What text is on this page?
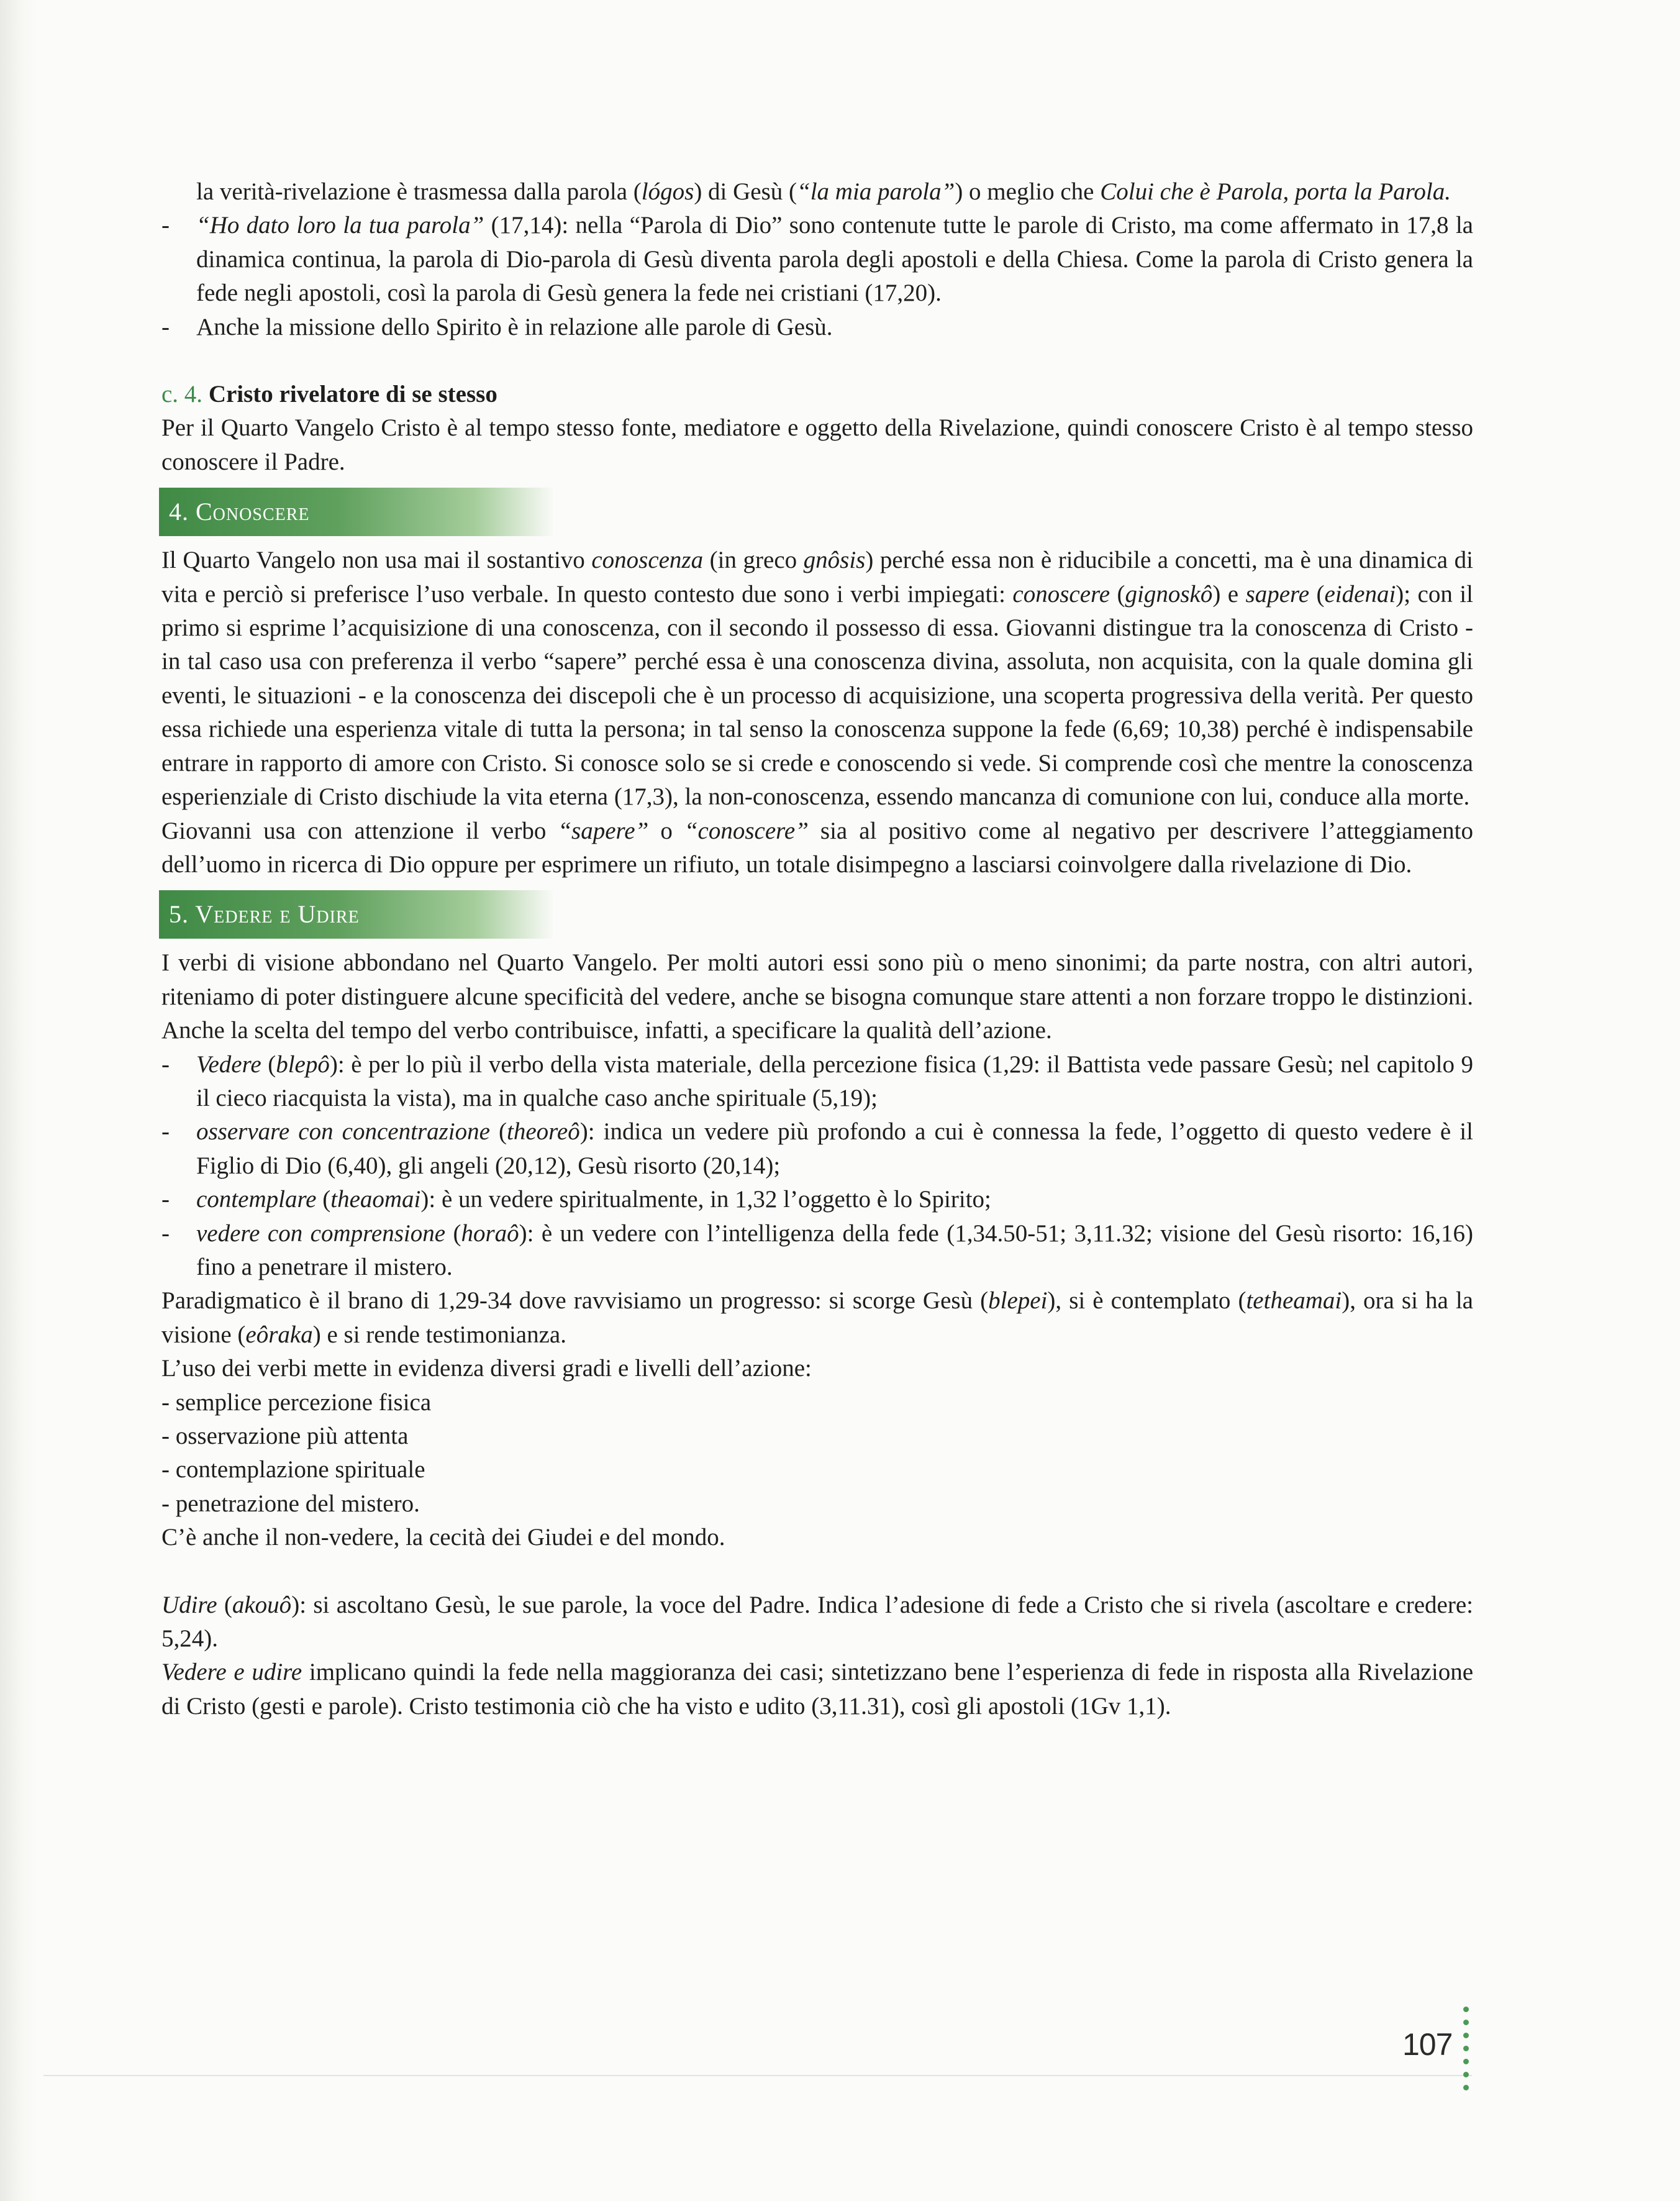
la verità-rivelazione è trasmessa dalla parola (lógos) di Gesù (“la mia parola”) o meglio che Colui che è Parola, porta la Parola.

- “Ho dato loro la tua parola” (17,14): nella “Parola di Dio” sono contenute tutte le parole di Cristo, ma come affermato in 17,8 la dinamica continua, la parola di Dio-parola di Gesù diventa parola degli apostoli e della Chiesa. Come la parola di Cristo genera la fede negli apostoli, così la parola di Gesù genera la fede nei cristiani (17,20).

- Anche la missione dello Spirito è in relazione alle parole di Gesù.

c. 4. Cristo rivelatore di se stesso

Per il Quarto Vangelo Cristo è al tempo stesso fonte, mediatore e oggetto della Rivelazione, quindi conoscere Cristo è al tempo stesso conoscere il Padre.

4. Conoscere

Il Quarto Vangelo non usa mai il sostantivo conoscenza (in greco gnôsis) perché essa non è riducibile a concetti, ma è una dinamica di vita e perciò si preferisce l’uso verbale. In questo contesto due sono i verbi impiegati: conoscere (gignoskô) e sapere (eidenai); con il primo si esprime l’acquisizione di una conoscenza, con il secondo il possesso di essa. Giovanni distingue tra la conoscenza di Cristo - in tal caso usa con preferenza il verbo “sapere” perché essa è una conoscenza divina, assoluta, non acquisita, con la quale domina gli eventi, le situazioni - e la conoscenza dei discepoli che è un processo di acquisizione, una scoperta progressiva della verità. Per questo essa richiede una esperienza vitale di tutta la persona; in tal senso la conoscenza suppone la fede (6,69; 10,38) perché è indispensabile entrare in rapporto di amore con Cristo. Si conosce solo se si crede e conoscendo si vede. Si comprende così che mentre la conoscenza esperienziale di Cristo dischiude la vita eterna (17,3), la non-conoscenza, essendo mancanza di comunione con lui, conduce alla morte.

Giovanni usa con attenzione il verbo “sapere” o “conoscere” sia al positivo come al negativo per descrivere l’atteggiamento dell’uomo in ricerca di Dio oppure per esprimere un rifiuto, un totale disimpegno a lasciarsi coinvolgere dalla rivelazione di Dio.

5. Vedere e Udire

I verbi di visione abbondano nel Quarto Vangelo. Per molti autori essi sono più o meno sinonimi; da parte nostra, con altri autori, riteniamo di poter distinguere alcune specificità del vedere, anche se bisogna comunque stare attenti a non forzare troppo le distinzioni. Anche la scelta del tempo del verbo contribuisce, infatti, a specificare la qualità dell’azione.

- Vedere (blepô): è per lo più il verbo della vista materiale, della percezione fisica (1,29: il Battista vede passare Gesù; nel capitolo 9 il cieco riacquista la vista), ma in qualche caso anche spirituale (5,19);

- osservare con concentrazione (theoreô): indica un vedere più profondo a cui è connessa la fede, l’oggetto di questo vedere è il Figlio di Dio (6,40), gli angeli (20,12), Gesù risorto (20,14);

- contemplare (theaomai): è un vedere spiritualmente, in 1,32 l’oggetto è lo Spirito;

- vedere con comprensione (horaô): è un vedere con l’intelligenza della fede (1,34.50-51; 3,11.32; visione del Gesù risorto: 16,16) fino a penetrare il mistero.

Paradigmatico è il brano di 1,29-34 dove ravvisiamo un progresso: si scorge Gesù (blepei), si è contemplato (tetheamai), ora si ha la visione (eôraka) e si rende testimonianza.

L’uso dei verbi mette in evidenza diversi gradi e livelli dell’azione:

- semplice percezione fisica

- osservazione più attenta

- contemplazione spirituale

- penetrazione del mistero.

C’è anche il non-vedere, la cecità dei Giudei e del mondo.

Udire (akouô): si ascoltano Gesù, le sue parole, la voce del Padre. Indica l’adesione di fede a Cristo che si rivela (ascoltare e credere: 5,24).

Vedere e udire implicano quindi la fede nella maggioranza dei casi; sintetizzano bene l’esperienza di fede in risposta alla Rivelazione di Cristo (gesti e parole). Cristo testimonia ciò che ha visto e udito (3,11.31), così gli apostoli (1Gv 1,1).

107
